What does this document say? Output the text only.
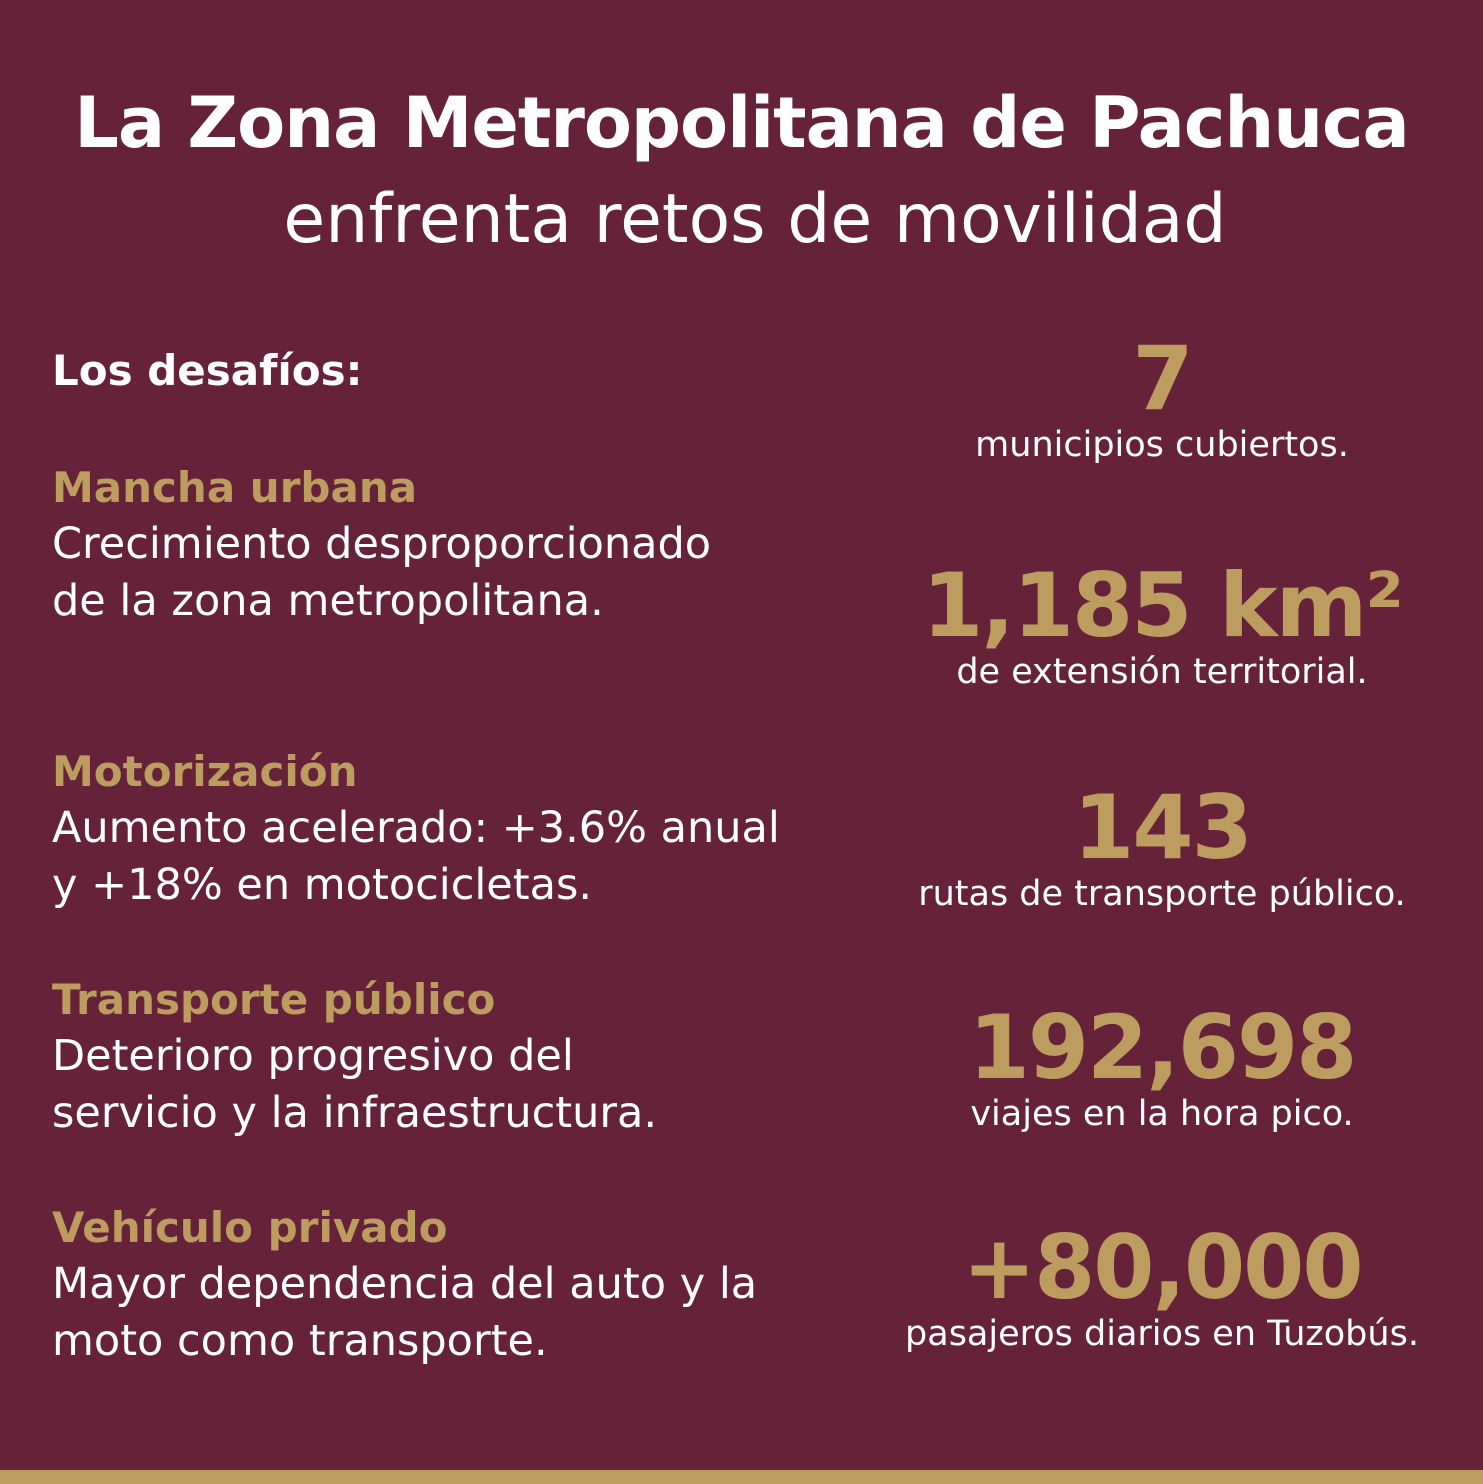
La Zona Metropolitana de Pachuca
enfrenta retos de movilidad
Los desafíos:
Mancha urbana
Crecimiento desproporcionado de la zona metropolitana.
Motorización
Aumento acelerado: +3.6% anual y +18% en motocicletas.
Transporte público
Deterioro progresivo del servicio y la infraestructura.
Vehículo privado
Mayor dependencia del auto y la moto como transporte.
7
municipios cubiertos.
1,185 km²
de extensión territorial.
143
rutas de transporte público.
192,698
viajes en la hora pico.
+80,000
pasajeros diarios en Tuzobús.
